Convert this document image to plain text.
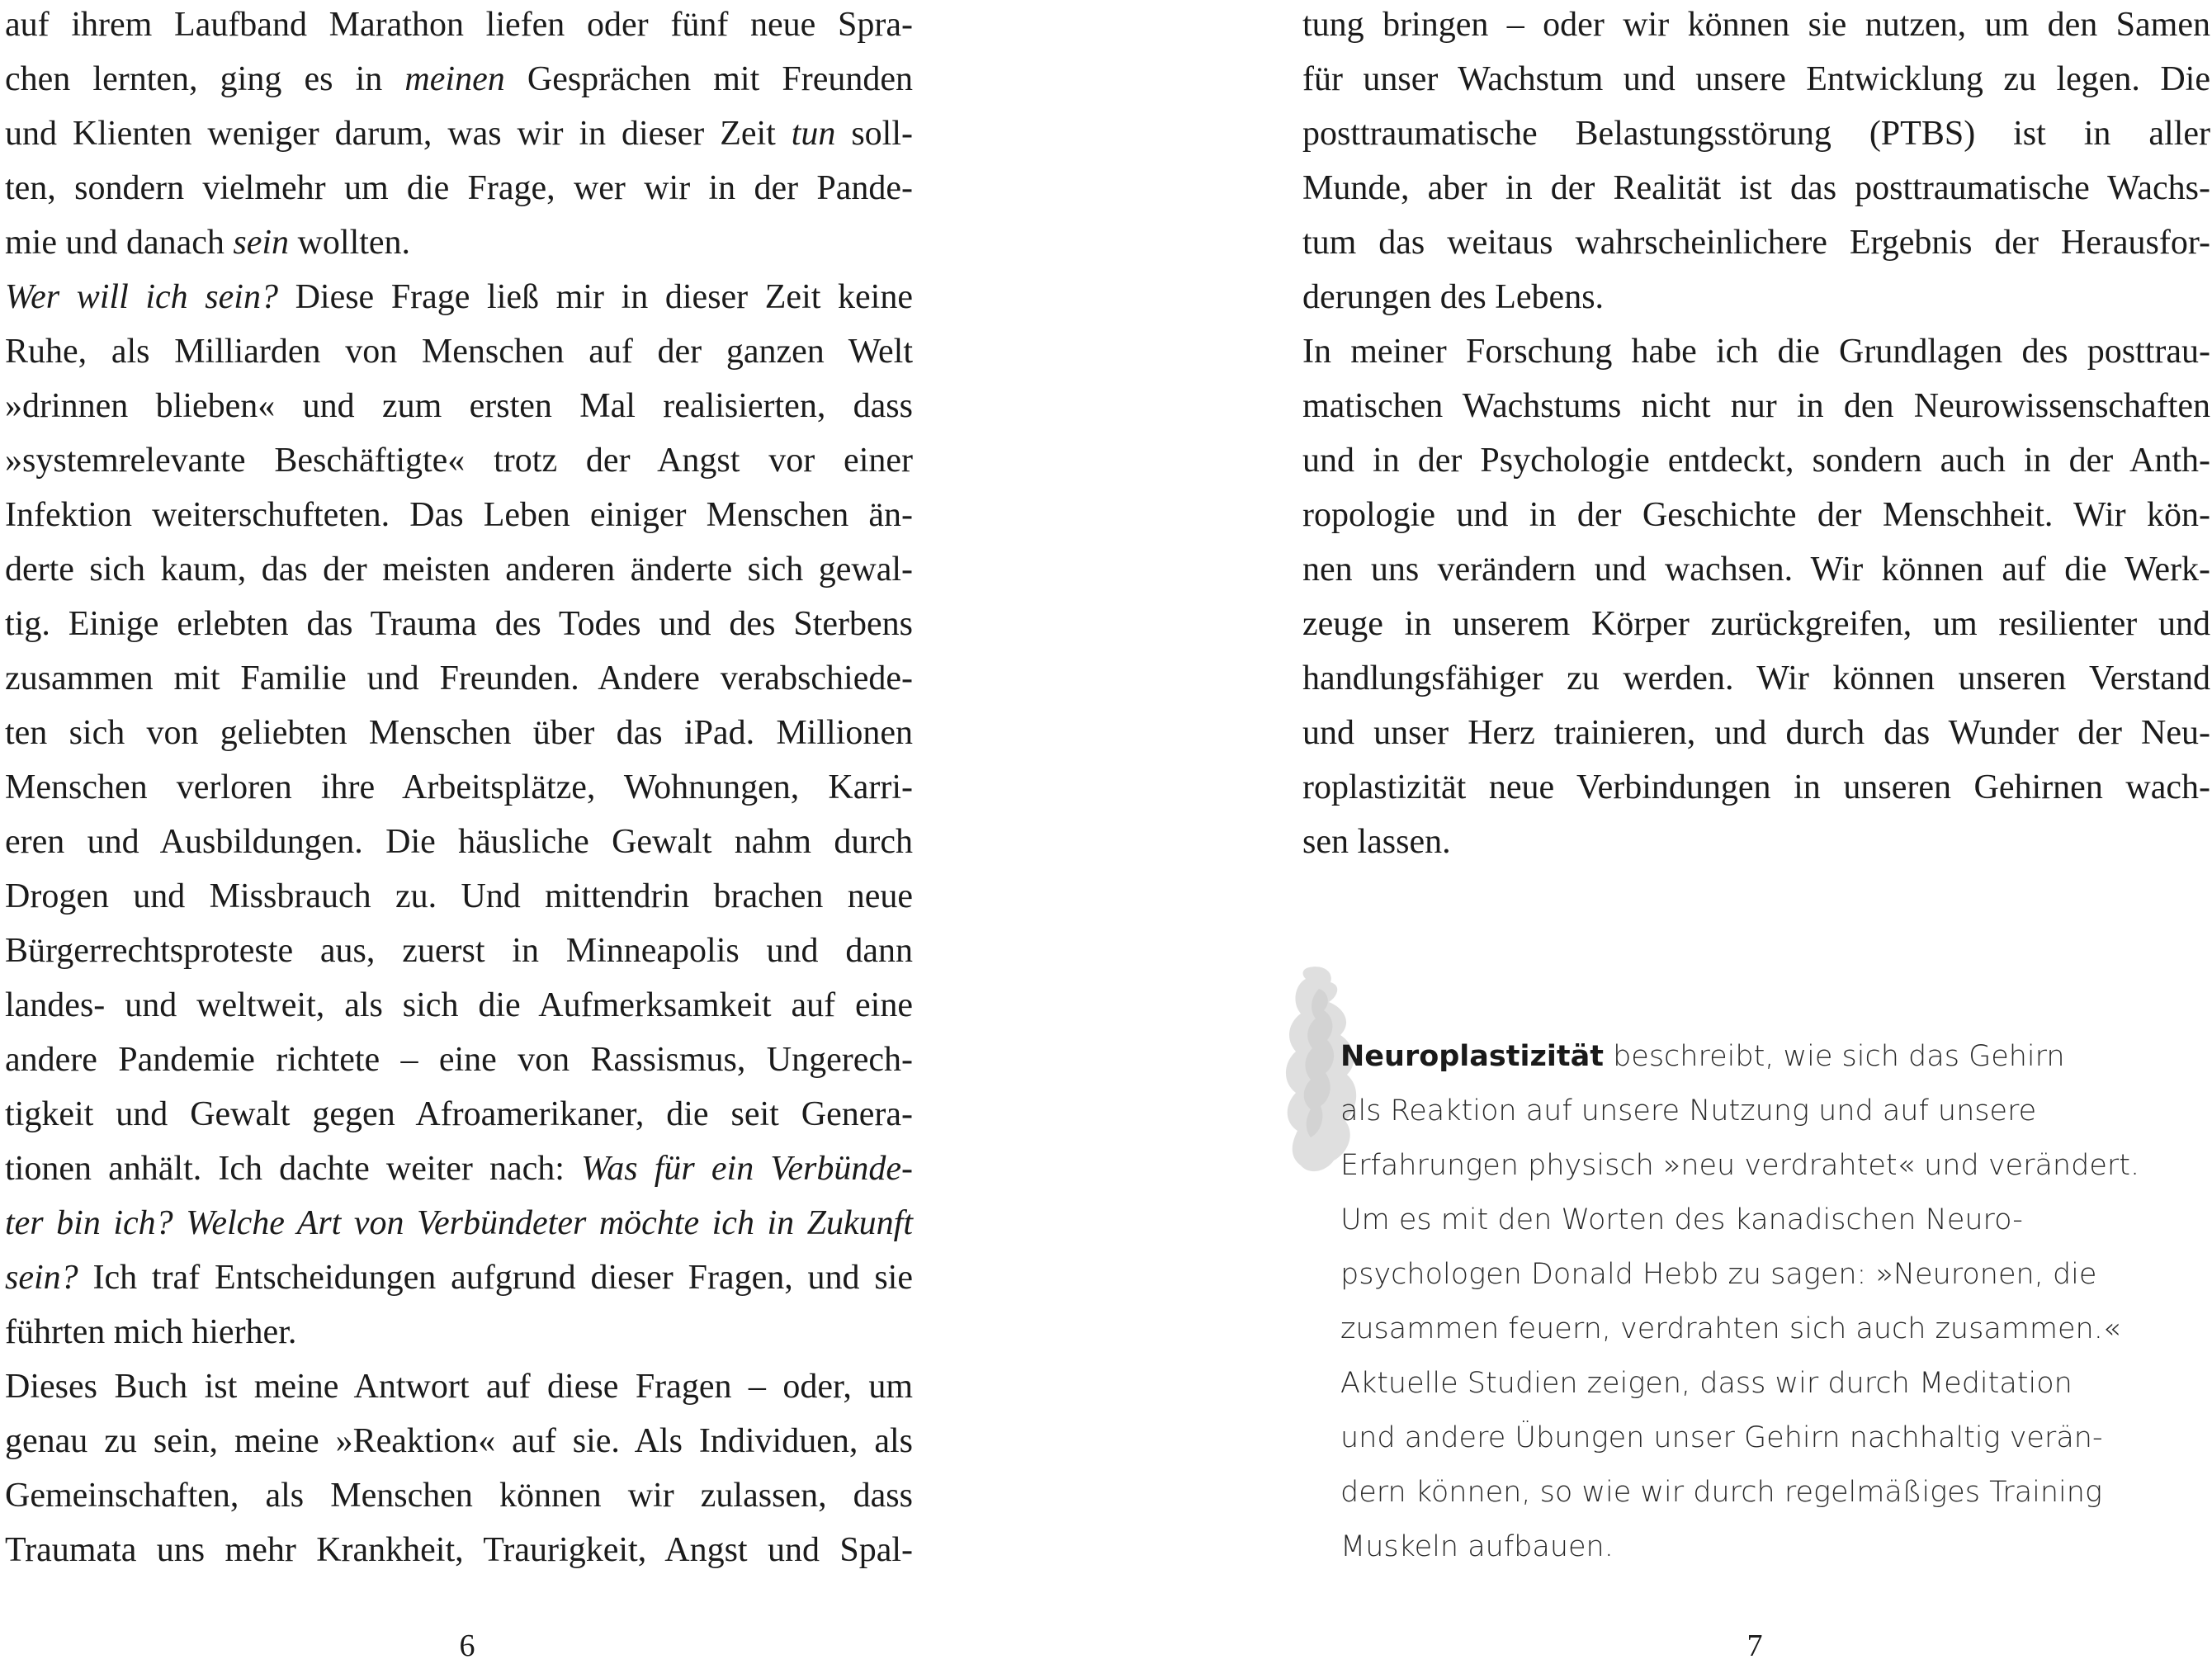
auf ihrem Laufband Marathon liefen oder fünf neue Spra-
chen lernten, ging es in meinen Gesprächen mit Freunden
und Klienten weniger darum, was wir in dieser Zeit tun soll-
ten, sondern vielmehr um die Frage, wer wir in der Pande-
mie und danach sein wollten.
Wer will ich sein? Diese Frage ließ mir in dieser Zeit keine
Ruhe, als Milliarden von Menschen auf der ganzen Welt
»drinnen blieben« und zum ersten Mal realisierten, dass
»systemrelevante Beschäftigte« trotz der Angst vor einer
Infektion weiterschufteten. Das Leben einiger Menschen än-
derte sich kaum, das der meisten anderen änderte sich gewal-
tig. Einige erlebten das Trauma des Todes und des Sterbens
zusammen mit Familie und Freunden. Andere verabschiede-
ten sich von geliebten Menschen über das iPad. Millionen
Menschen verloren ihre Arbeitsplätze, Wohnungen, Karri-
eren und Ausbildungen. Die häusliche Gewalt nahm durch
Drogen und Missbrauch zu. Und mittendrin brachen neue
Bürgerrechtsproteste aus, zuerst in Minneapolis und dann
landes- und weltweit, als sich die Aufmerksamkeit auf eine
andere Pandemie richtete – eine von Rassismus, Ungerech-
tigkeit und Gewalt gegen Afroamerikaner, die seit Genera-
tionen anhält. Ich dachte weiter nach: Was für ein Verbünde-
ter bin ich? Welche Art von Verbündeter möchte ich in Zukunft
sein? Ich traf Entscheidungen aufgrund dieser Fragen, und sie
führten mich hierher.
Dieses Buch ist meine Antwort auf diese Fragen – oder, um
genau zu sein, meine »Reaktion« auf sie. Als Individuen, als
Gemeinschaften, als Menschen können wir zulassen, dass
Traumata uns mehr Krankheit, Traurigkeit, Angst und Spal-
6
tung bringen – oder wir können sie nutzen, um den Samen
für unser Wachstum und unsere Entwicklung zu legen. Die
posttraumatische Belastungsstörung (PTBS) ist in aller
Munde, aber in der Realität ist das posttraumatische Wachs-
tum das weitaus wahrscheinlichere Ergebnis der Herausfor-
derungen des Lebens.
In meiner Forschung habe ich die Grundlagen des posttrau-
matischen Wachstums nicht nur in den Neurowissenschaften
und in der Psychologie entdeckt, sondern auch in der Anth-
ropologie und in der Geschichte der Menschheit. Wir kön-
nen uns verändern und wachsen. Wir können auf die Werk-
zeuge in unserem Körper zurückgreifen, um resilienter und
handlungsfähiger zu werden. Wir können unseren Verstand
und unser Herz trainieren, und durch das Wunder der Neu-
roplastizität neue Verbindungen in unseren Gehirnen wach-
sen lassen.
Neuroplastizität beschreibt, wie sich das Gehirn
als Reaktion auf unsere Nutzung und auf unsere
Erfahrungen physisch »neu verdrahtet« und verändert.
Um es mit den Worten des kanadischen Neuro-
psychologen Donald Hebb zu sagen: »Neuronen, die
zusammen feuern, verdrahten sich auch zusammen.«
Aktuelle Studien zeigen, dass wir durch Meditation
und andere Übungen unser Gehirn nachhaltig verän-
dern können, so wie wir durch regelmäßiges Training
Muskeln aufbauen.
7
